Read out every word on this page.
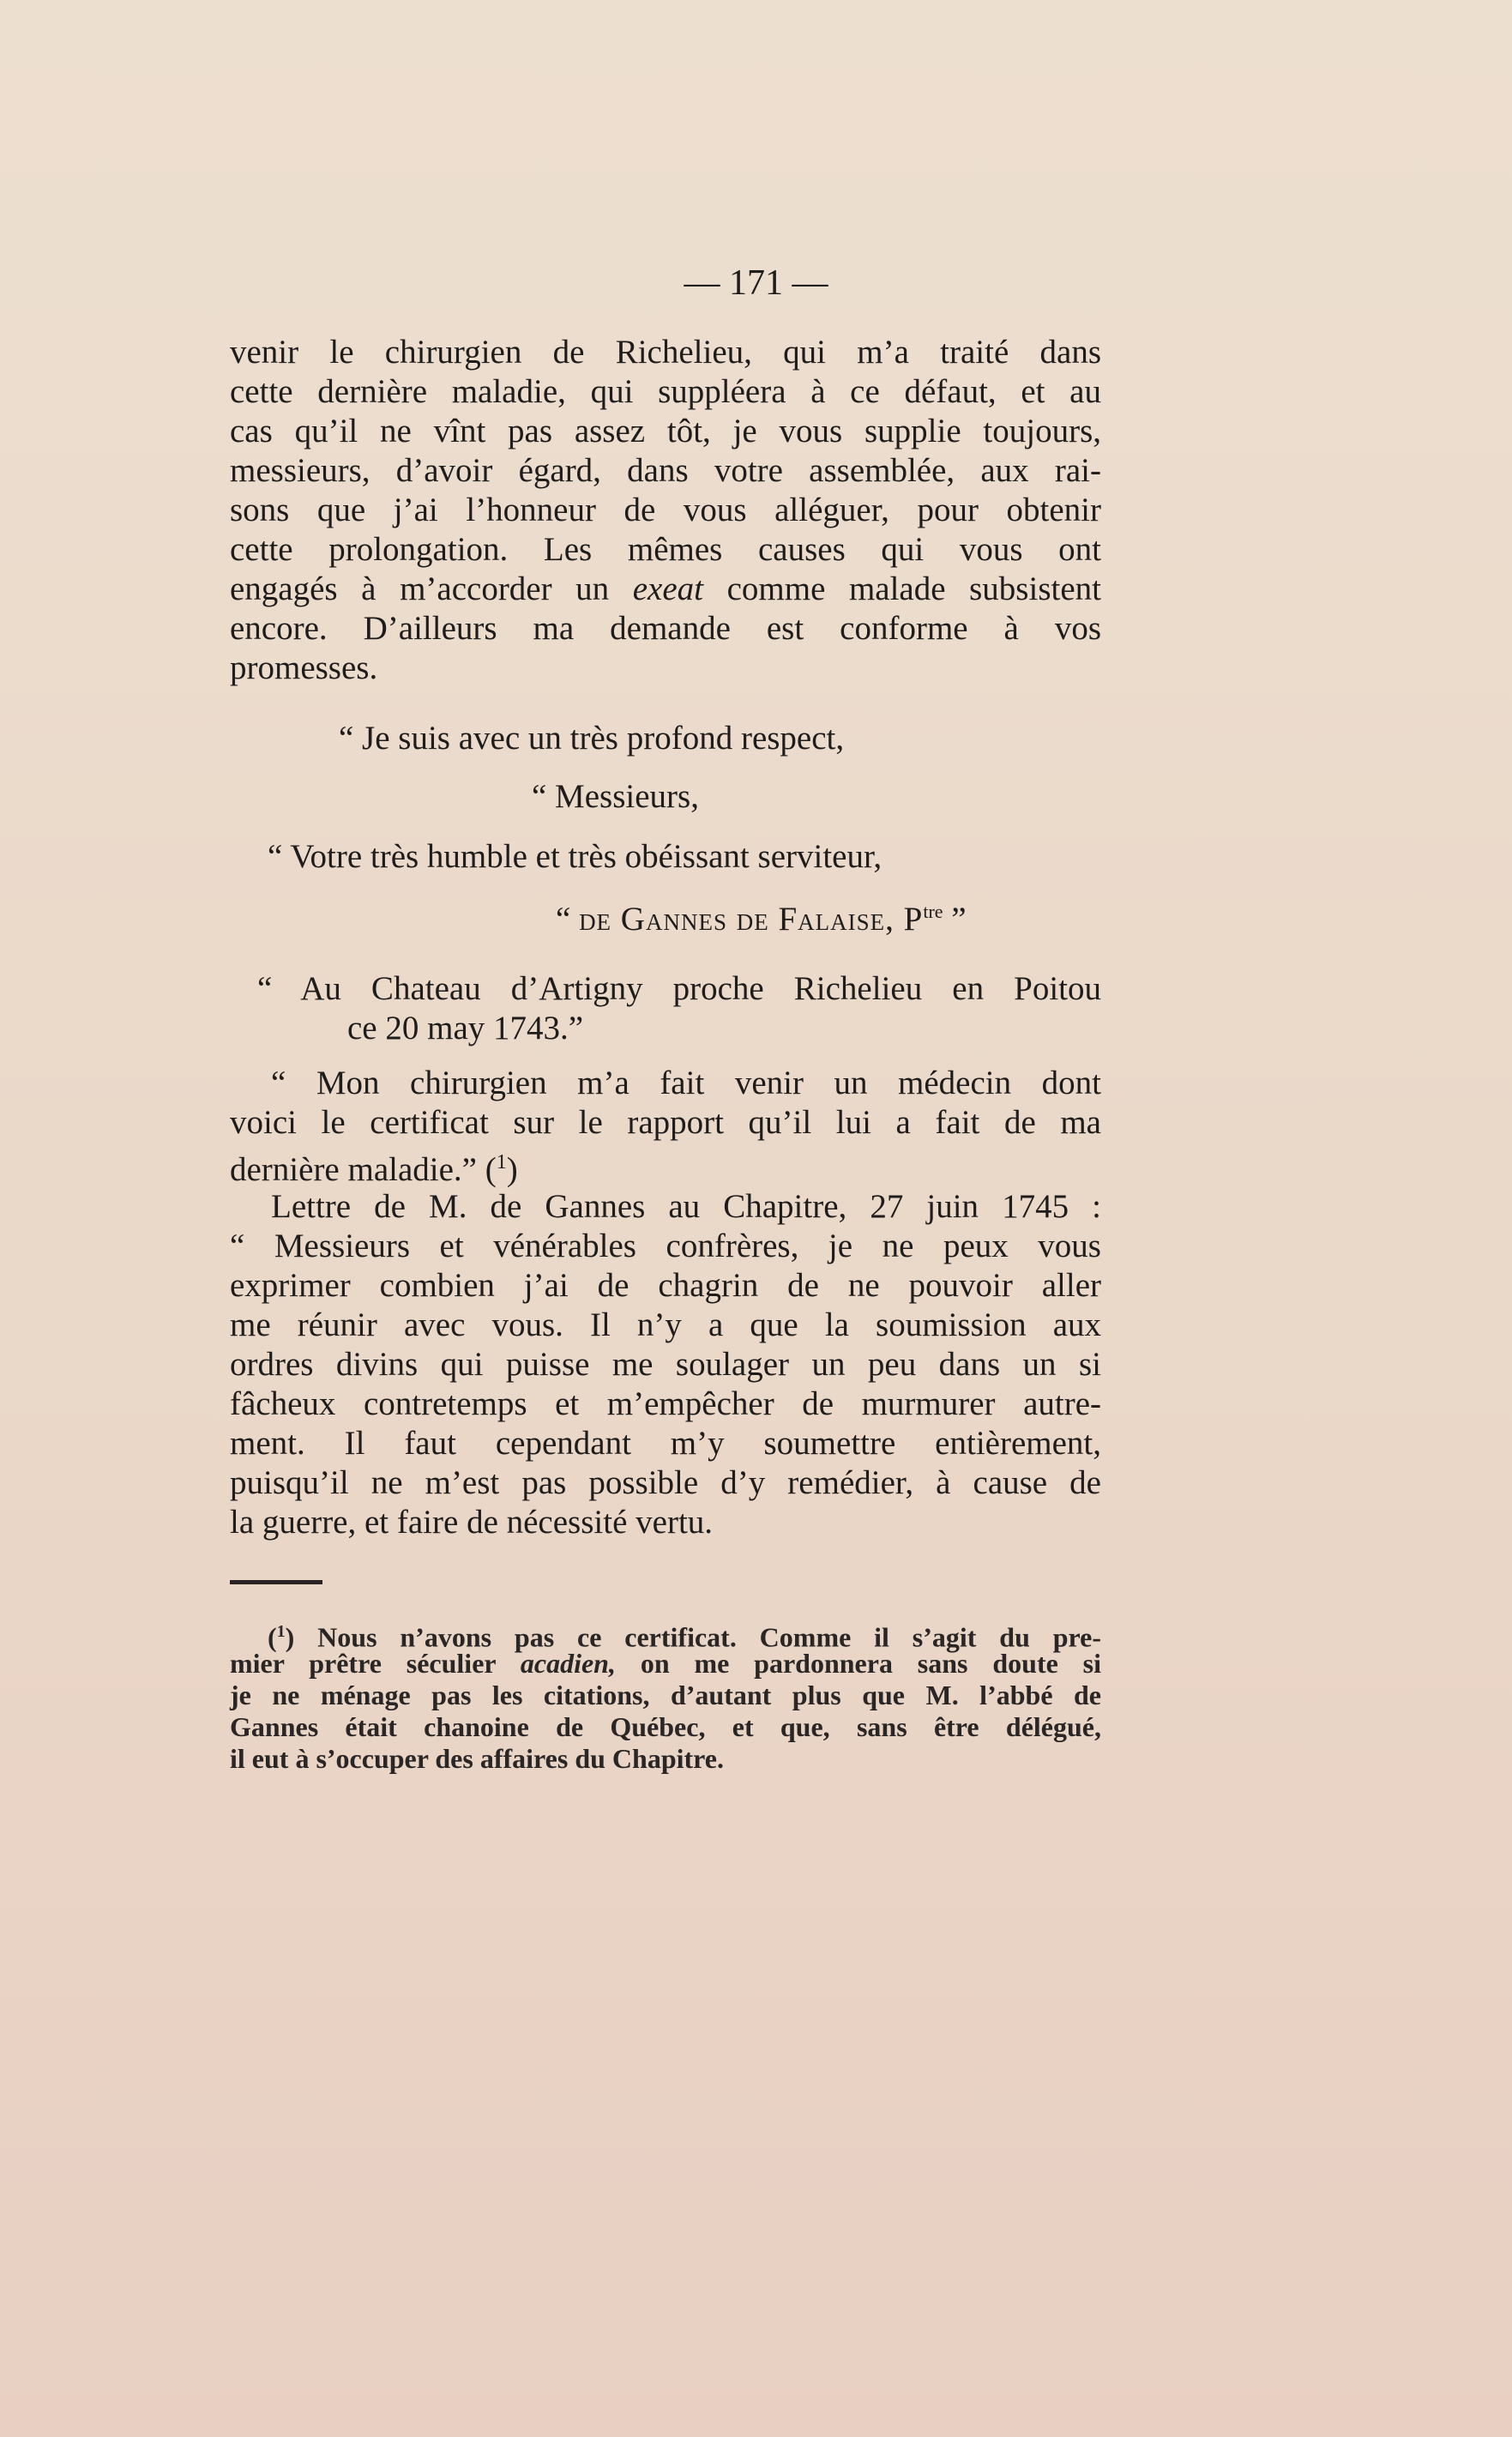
— 171 —

venir le chirurgien de Richelieu, qui m’a traité dans

cette dernière maladie, qui suppléera à ce défaut, et au

cas qu’il ne vînt pas assez tôt, je vous supplie toujours,

messieurs, d’avoir égard, dans votre assemblée, aux rai-

sons que j’ai l’honneur de vous alléguer, pour obtenir

cette prolongation. Les mêmes causes qui vous ont

engagés à m’accorder un exeat comme malade subsistent

encore. D’ailleurs ma demande est conforme à vos

promesses.

“ Je suis avec un très profond respect,

“ Messieurs,

“ Votre très humble et très obéissant serviteur,

“ de Gannes de Falaise, $P^{tre}$ ”

“ Au Chateau d’Artigny proche Richelieu en Poitou

ce 20 may 1743.”

“ Mon chirurgien m’a fait venir un médecin dont

voici le certificat sur le rapport qu’il lui a fait de ma

dernière maladie.” ($^1$)

Lettre de M. de Gannes au Chapitre, 27 juin 1745 :

“ Messieurs et vénérables confrères, je ne peux vous

exprimer combien j’ai de chagrin de ne pouvoir aller

me réunir avec vous. Il n’y a que la soumission aux

ordres divins qui puisse me soulager un peu dans un si

fâcheux contretemps et m’empêcher de murmurer autre-

ment. Il faut cependant m’y soumettre entièrement,

puisqu’il ne m’est pas possible d’y remédier, à cause de

la guerre, et faire de nécessité vertu.

($^1$) Nous n’avons pas ce certificat. Comme il s’agit du pre-

mier prêtre séculier acadien, on me pardonnera sans doute si

je ne ménage pas les citations, d’autant plus que M. l’abbé de

Gannes était chanoine de Québec, et que, sans être délégué,

il eut à s’occuper des affaires du Chapitre.
